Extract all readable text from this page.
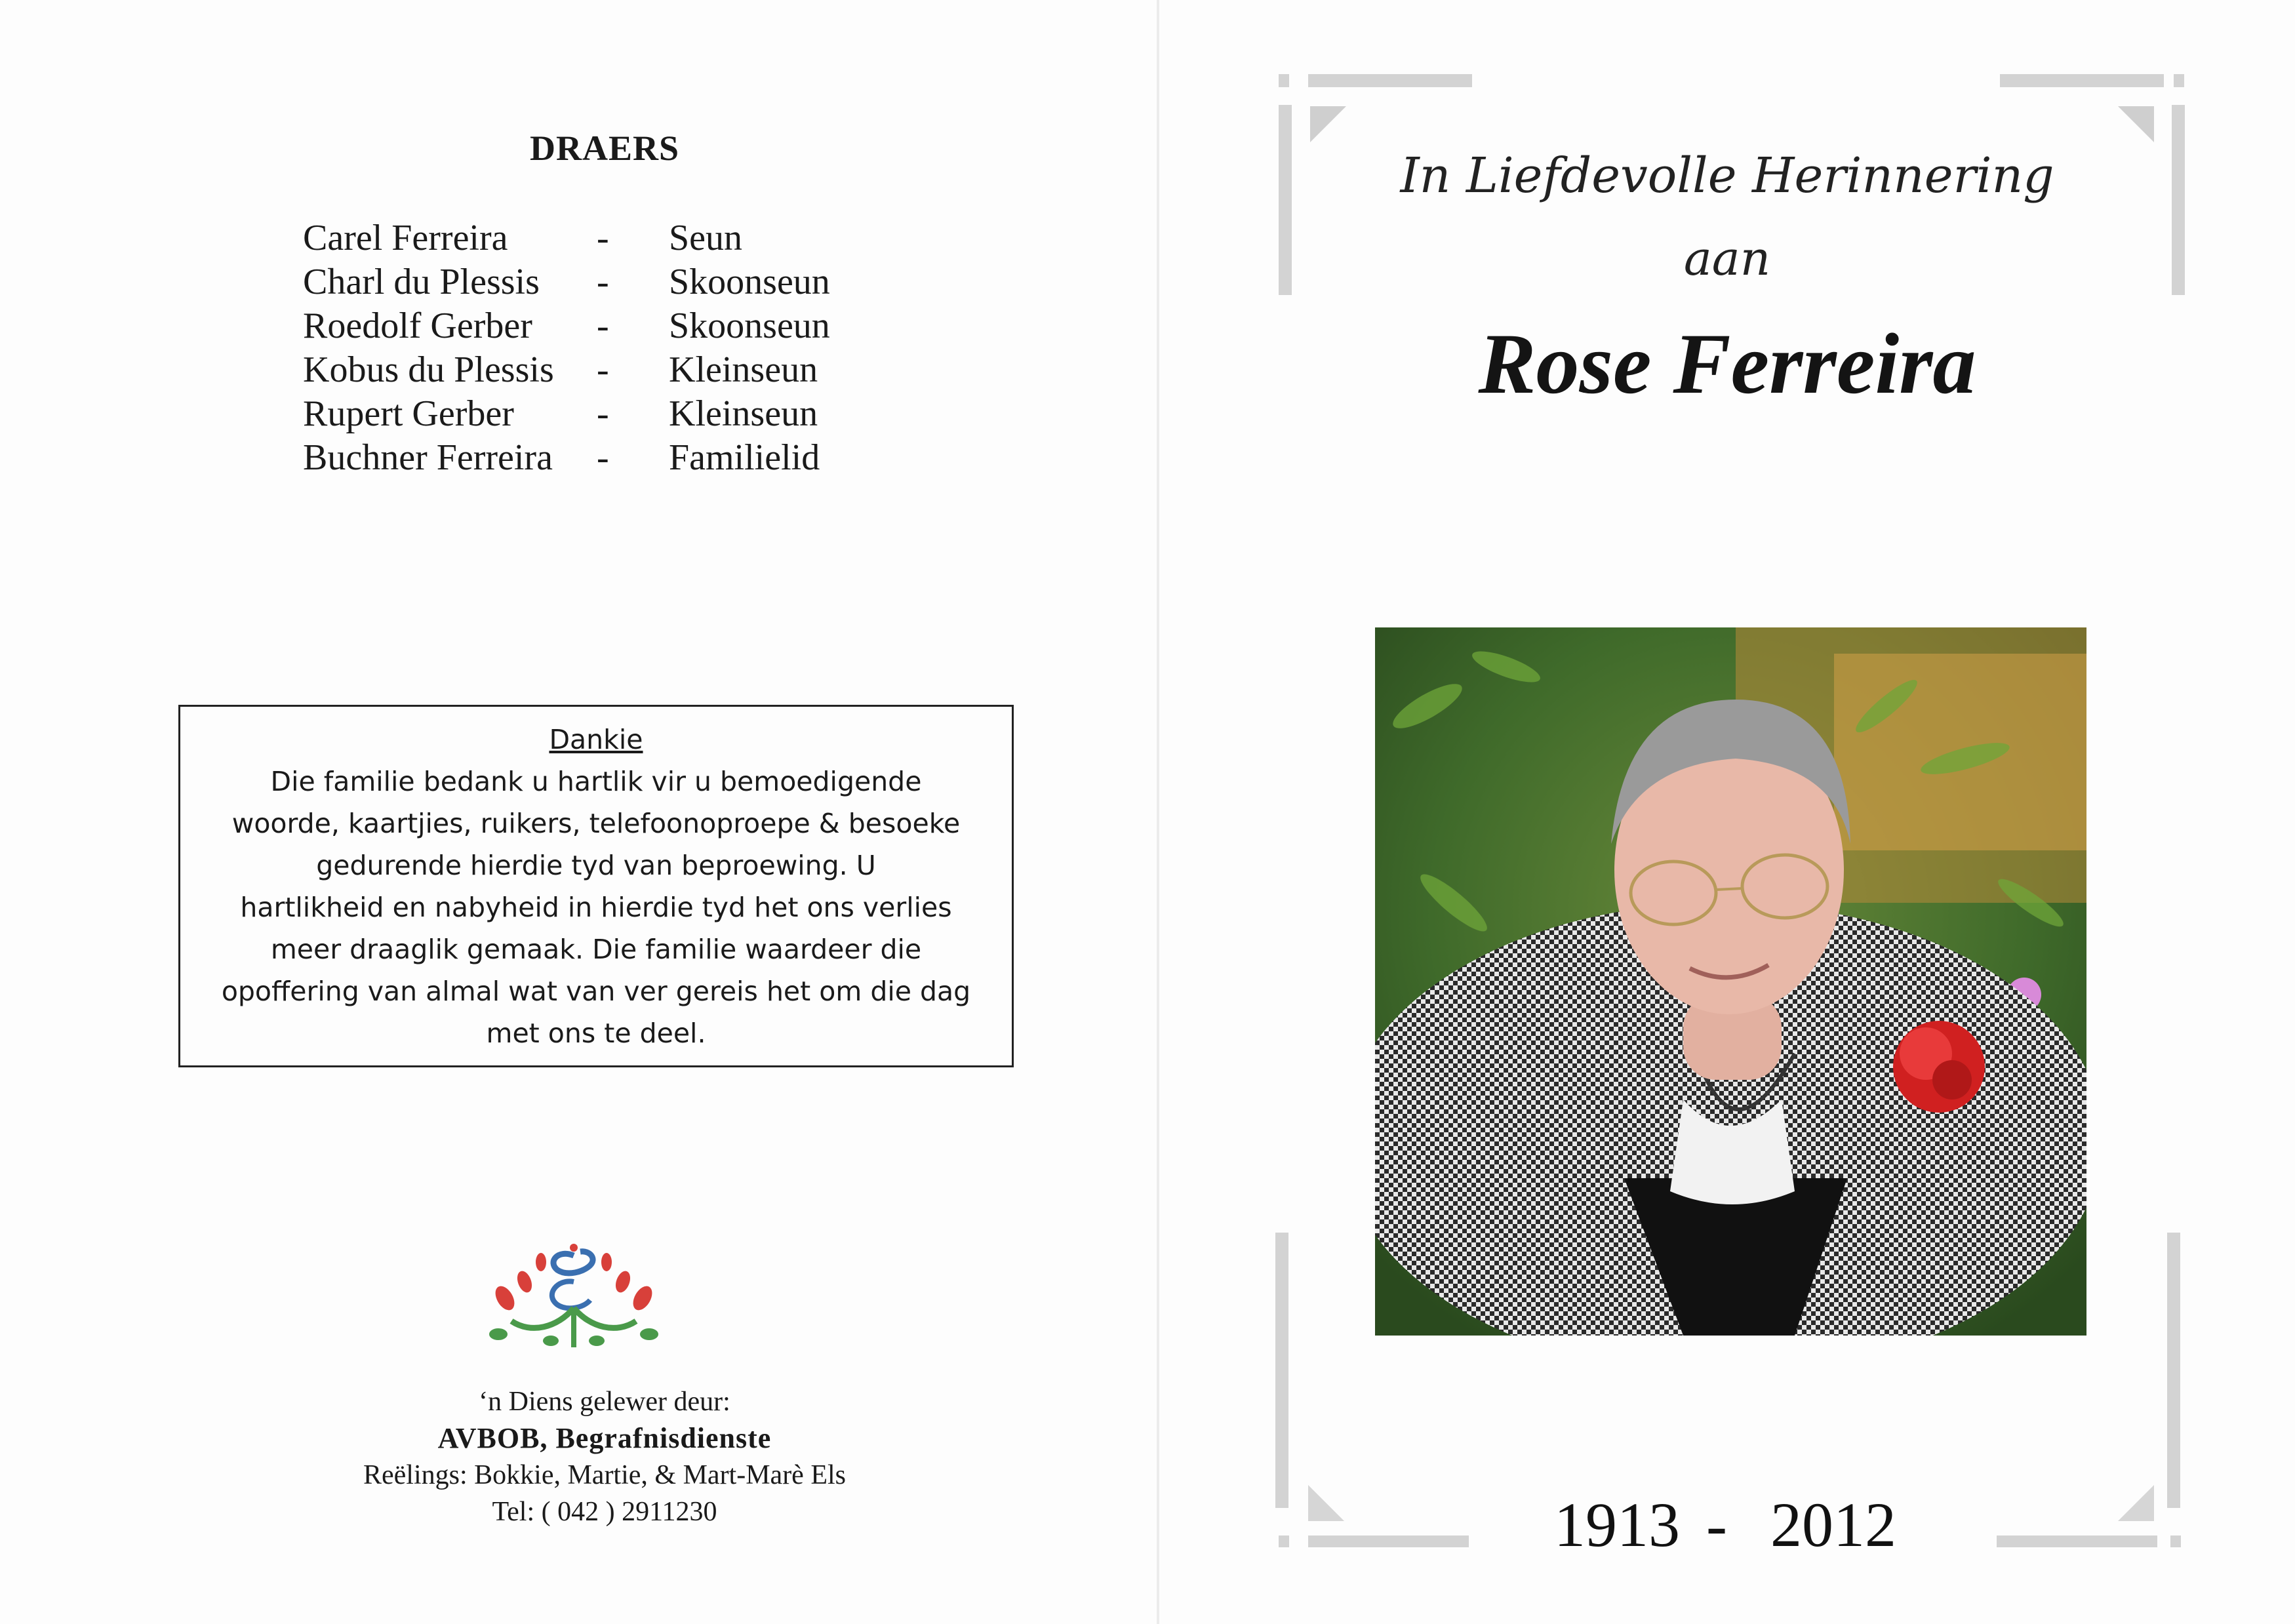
DRAERS
Carel Ferreira	-	Seun
Charl du Plessis	-	Skoonseun
Roedolf Gerber	-	Skoonseun
Kobus du Plessis	-	Kleinseun
Rupert Gerber	-	Kleinseun
Buchner Ferreira	-	Familielid
Dankie
Die familie bedank u hartlik vir u bemoedigende
woorde, kaartjies, ruikers, telefoonoproepe & besoeke
gedurende hierdie tyd van beproewing. U
hartlikheid en nabyheid in hierdie tyd het ons verlies
meer draaglik gemaak. Die familie waardeer die
opoffering van almal wat van ver gereis het om die dag
met ons te deel.
‘n Diens gelewer deur:
AVBOB, Begrafnisdienste
Reëlings: Bokkie, Martie, & Mart-Marè Els
Tel: ( 042 ) 2911230
In Liefdevolle Herinnering
aan
Rose Ferreira
1913 - 2012
